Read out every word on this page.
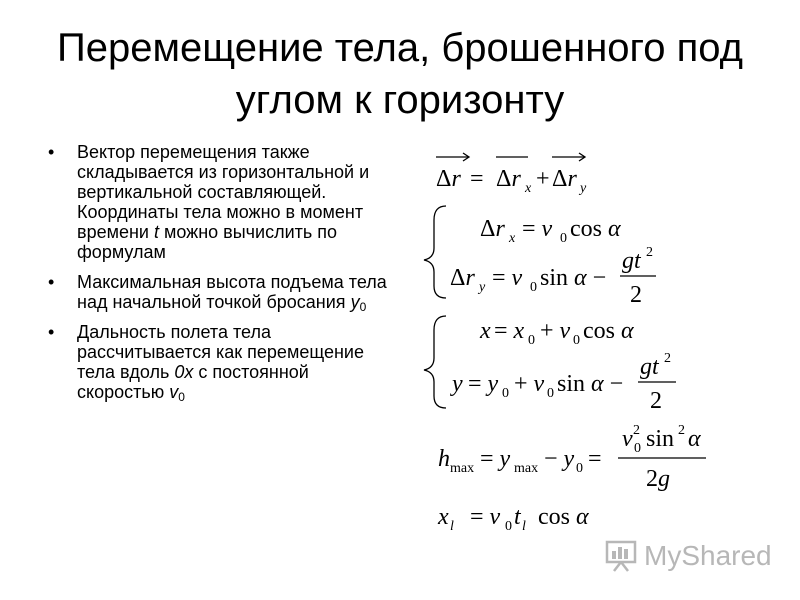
Перемещение тела, брошенного под углом к горизонту
• Вектор перемещения также складывается из горизонтальной и вертикальной составляющей. Координаты тела можно в момент времени t можно вычислить по формулам
• Максимальная высота подъема тела над начальной точкой бросания $y_0$
• Дальность полета тела рассчитывается как перемещение тела вдоль 0x с постоянной скоростью $v_0$
Δr = Δr x + Δr y
Δr x = v 0 cos α
Δr y = v 0 sin α −
gt 2
2
x = x 0 + v 0 cos α
y = y 0 + v 0 sin α −
gt 2
2
h max = y max − y 0 =
v 0
2 sin 2 α
2g
x l = v 0 t l cos α
MyShared
